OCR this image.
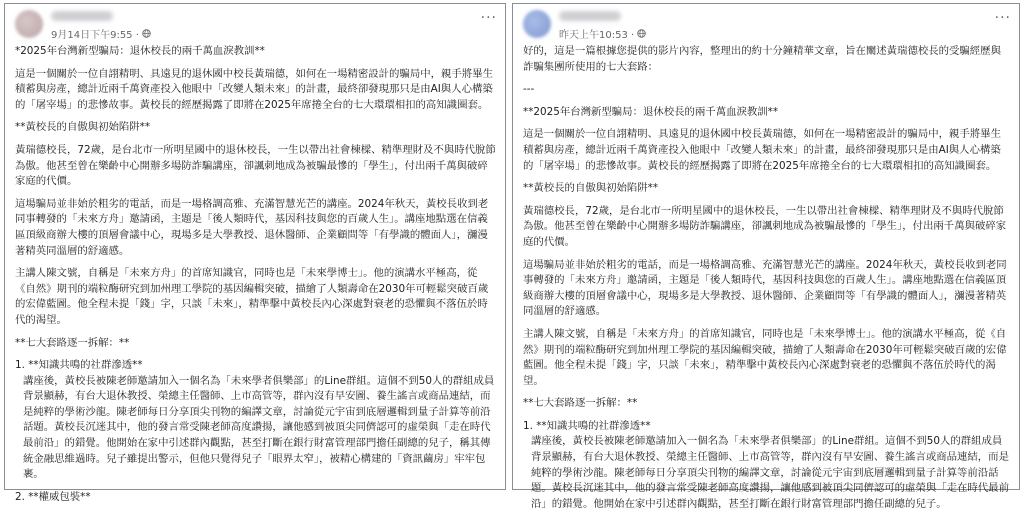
9月14日下午9:55 ·
···

*2025年台灣新型騙局：退休校長的兩千萬血淚教訓**

這是一個關於一位自詡精明、具遠見的退休國中校長黃瑞德，如何在一場精密設計的騙局中，親手將畢生積蓄與房產，總計近兩千萬資產投入他眼中「改變人類未來」的計畫，最終卻發現那只是由AI與人心構築的「屠宰場」的悲慘故事。黃校長的經歷揭露了即將在2025年席捲全台的七大環環相扣的高知識圈套。

**黃校長的自傲與初始陷阱**

黃瑞德校長，72歲，是台北市一所明星國中的退休校長，一生以帶出社會棟樑、精準理財及不與時代脫節為傲。他甚至曾在樂齡中心開辦多場防詐騙講座，卻諷刺地成為被騙最慘的「學生」，付出兩千萬與破碎家庭的代價。

這場騙局並非始於粗劣的電話，而是一場格調高雅、充滿智慧光芒的講座。2024年秋天，黃校長收到老同事轉發的「未來方舟」邀請函，主題是「後人類時代，基因科技與您的百歲人生」。講座地點選在信義區頂級商辦大樓的頂層會議中心，現場多是大學教授、退休醫師、企業顧問等「有學識的體面人」，瀰漫著精英同溫層的舒適感。

主講人陳文號，自稱是「未來方舟」的首席知識官，同時也是「未來學博士」。他的演講水平極高，從《自然》期刊的端粒酶研究到加州理工學院的基因編輯突破，描繪了人類壽命在2030年可輕鬆突破百歲的宏偉藍圖。他全程未提「錢」字，只談「未來」，精準擊中黃校長內心深處對衰老的恐懼與不落伍於時代的渴望。

**七大套路逐一拆解：**

1. **知識共鳴的社群滲透**

講座後，黃校長被陳老師邀請加入一個名為「未來學者俱樂部」的Line群組。這個不到50人的群組成員背景顯赫，有台大退休教授、榮總主任醫師、上市高管等，群內沒有早安圖、養生謠言或商品連結，而是純粹的學術沙龍。陳老師每日分享頂尖刊物的編譯文章，討論從元宇宙到底層邏輯到量子計算等前沿話題。黃校長沉迷其中，他的發言常受陳老師高度讚揚，讓他感到被頂尖同儕認可的虛榮與「走在時代最前沿」的錯覺。他開始在家中引述群內觀點，甚至打斷在銀行財富管理部門擔任副總的兒子，稱其傳統金融思維過時。兒子雖提出警示，但他只覺得兒子「眼界太窄」，被精心構建的「資訊繭房」牢牢包裹。

2. **權威包裝**

昨天上午10:53 ·
···

好的，這是一篇根據您提供的影片內容，整理出的約十分鐘精華文章，旨在闡述黃瑞德校長的受騙經歷與詐騙集團所使用的七大套路：

---

**2025年台灣新型騙局：退休校長的兩千萬血淚教訓**

這是一個關於一位自詡精明、具遠見的退休國中校長黃瑞德，如何在一場精密設計的騙局中，親手將畢生積蓄與房產，總計近兩千萬資產投入他眼中「改變人類未來」的計畫，最終卻發現那只是由AI與人心構築的「屠宰場」的悲慘故事。黃校長的經歷揭露了即將在2025年席捲全台的七大環環相扣的高知識圈套。

**黃校長的自傲與初始陷阱**

黃瑞德校長，72歲，是台北市一所明星國中的退休校長，一生以帶出社會棟樑、精準理財及不與時代脫節為傲。他甚至曾在樂齡中心開辦多場防詐騙講座，卻諷刺地成為被騙最慘的「學生」，付出兩千萬與破碎家庭的代價。

這場騙局並非始於粗劣的電話，而是一場格調高雅、充滿智慧光芒的講座。2024年秋天，黃校長收到老同事轉發的「未來方舟」邀請函，主題是「後人類時代，基因科技與您的百歲人生」。講座地點選在信義區頂級商辦大樓的頂層會議中心，現場多是大學教授、退休醫師、企業顧問等「有學識的體面人」，瀰漫著精英同溫層的舒適感。

主講人陳文號，自稱是「未來方舟」的首席知識官，同時也是「未來學博士」。他的演講水平極高，從《自然》期刊的端粒酶研究到加州理工學院的基因編輯突破，描繪了人類壽命在2030年可輕鬆突破百歲的宏偉藍圖。他全程未提「錢」字，只談「未來」，精準擊中黃校長內心深處對衰老的恐懼與不落伍於時代的渴望。

**七大套路逐一拆解：**

1. **知識共鳴的社群滲透**

講座後，黃校長被陳老師邀請加入一個名為「未來學者俱樂部」的Line群組。這個不到50人的群組成員背景顯赫，有台大退休教授、榮總主任醫師、上市高管等，群內沒有早安圖、養生謠言或商品連結，而是純粹的學術沙龍。陳老師每日分享頂尖刊物的編譯文章，討論從元宇宙到底層邏輯到量子計算等前沿話題。黃校長沉迷其中，他的發言常受陳老師高度讚揚，讓他感到被頂尖同儕認可的虛榮與「走在時代最前沿」的錯覺。他開始在家中引述群內觀點，甚至打斷在銀行財富管理部門擔任副總的兒子。
